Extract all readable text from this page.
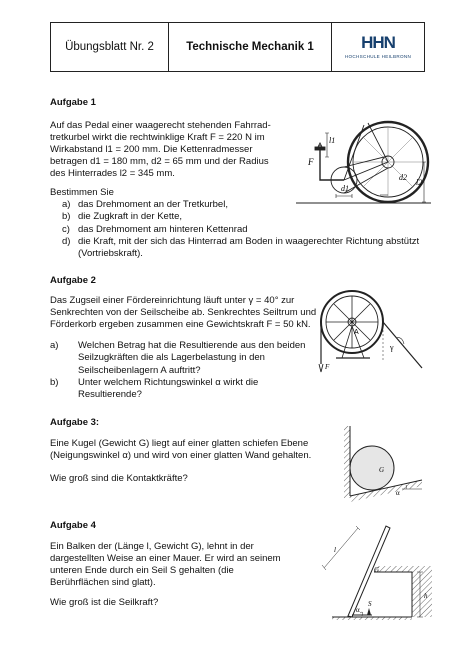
Übungsblatt Nr. 2	Technische Mechanik 1	HHN
HOCHSCHULE HEILBRONN
Aufgabe 1
Auf das Pedal einer waagerecht stehenden Fahrrad-
tretkurbel wirkt die rechtwinklige Kraft F = 220 N im
Wirkabstand l1 = 200 mm. Die Kettenradmesser
betragen d1 = 180 mm, d2 = 65 mm und der Radius
des Hinterrades l2 = 345 mm.
Bestimmen Sie
a) das Drehmoment an der Tretkurbel,
b) die Zugkraft in der Kette,
c) das Drehmoment am hinteren Kettenrad
d) die Kraft, mit der sich das Hinterrad am Boden in waagerechter Richtung abstützt
(Vortriebskraft).
l1
F
d1
d2
l2
Aufgabe 2
Das Zugseil einer Fördereinrichtung läuft unter γ = 40° zur
Senkrechten von der Seilscheibe ab. Senkrechtes Seiltrum und
Förderkorb ergeben zusammen eine Gewichtskraft F = 50 kN.
a)	Welchen Betrag hat die Resultierende aus den beiden
Seilzugkräften die als Lagerbelastung in den
Seilscheibenlagern A auftritt?
b)	Unter welchem Richtungswinkel α wirkt die
Resultierende?
A
F
γ
Aufgabe 3:
Eine Kugel (Gewicht G) liegt auf einer glatten schiefen Ebene
(Neigungswinkel α) und wird von einer glatten Wand gehalten.
Wie groß sind die Kontaktkräfte?
G
α
Aufgabe 4
Ein Balken der (Länge l, Gewicht G), lehnt in der
dargestellten Weise an einer Mauer. Er wird an seinem
unteren Ende durch ein Seil S gehalten (die
Berührflächen sind glatt).
Wie groß ist die Seilkraft?
G
h
l
α
S
